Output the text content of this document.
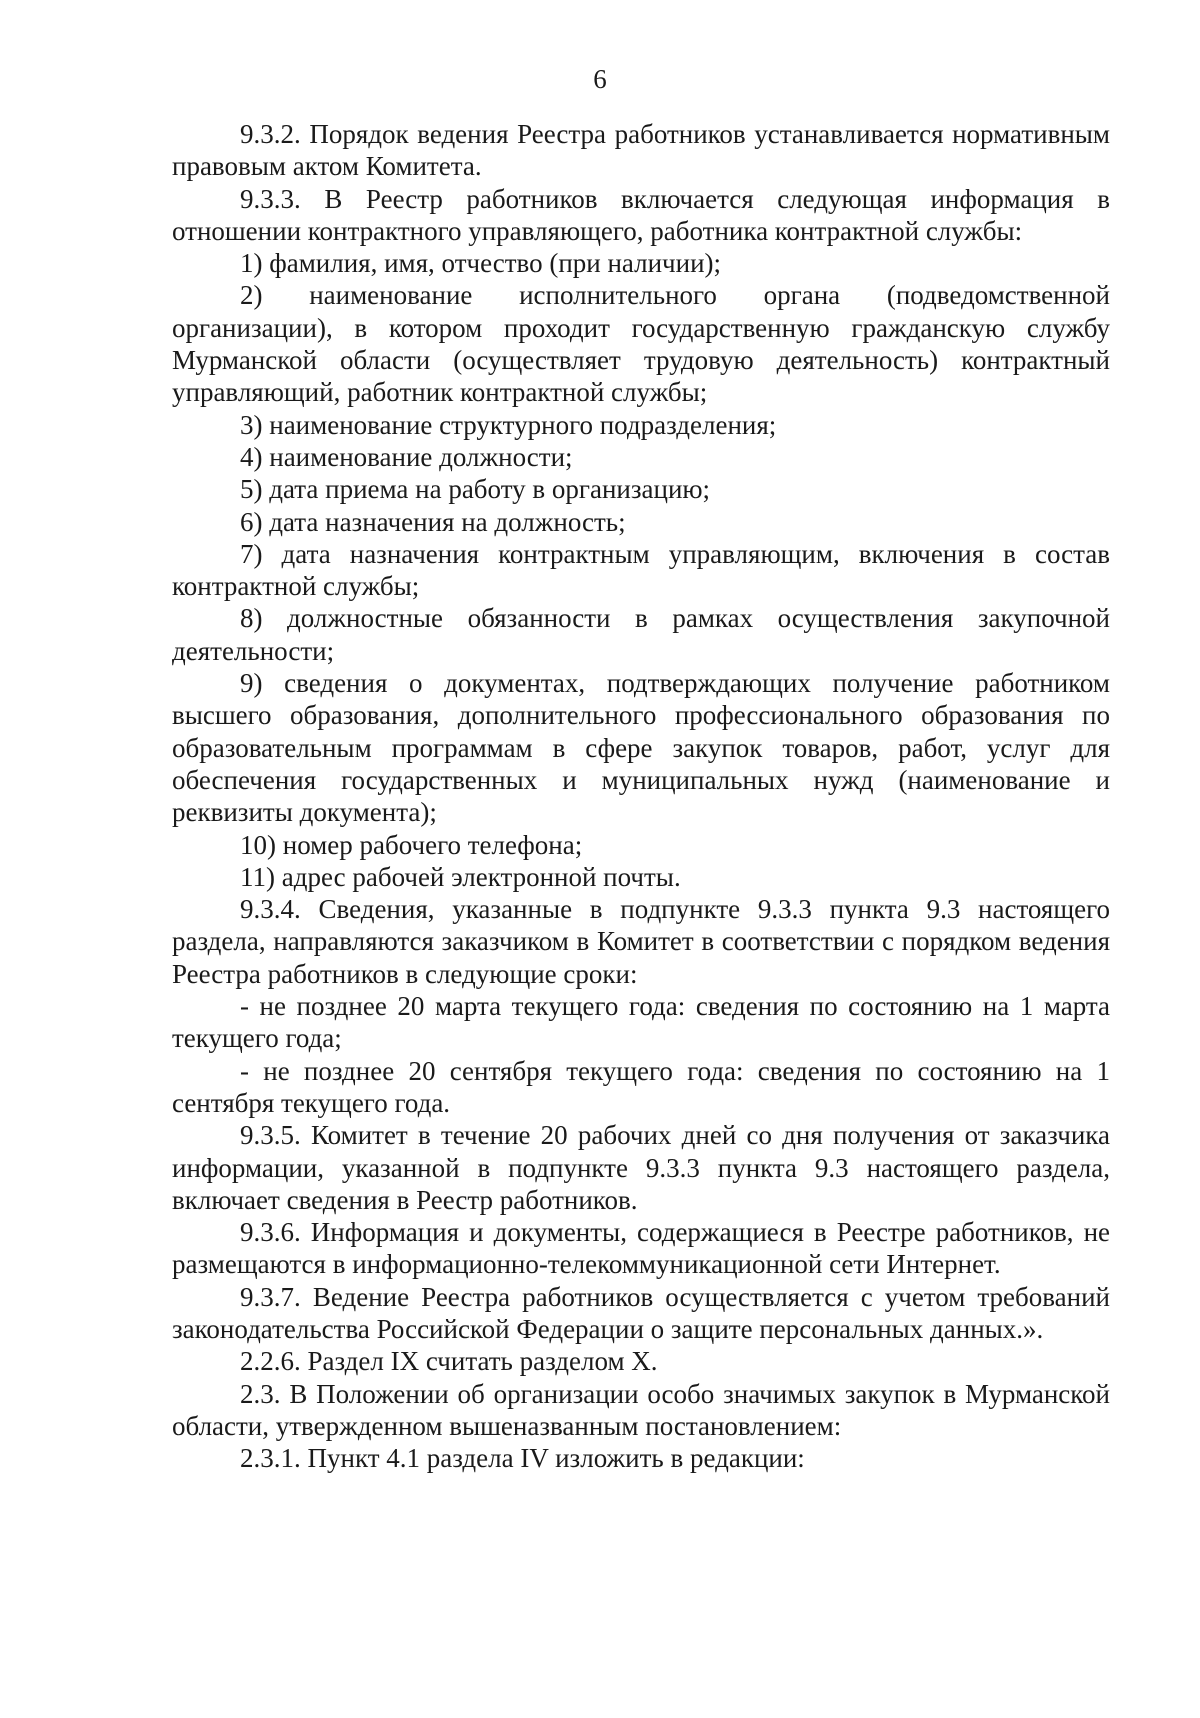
6

9.3.2. Порядок ведения Реестра работников устанавливается нормативным правовым актом Комитета.

9.3.3. В Реестр работников включается следующая информация в отношении контрактного управляющего, работника контрактной службы:

1) фамилия, имя, отчество (при наличии);

2) наименование исполнительного органа (подведомственной организации), в котором проходит государственную гражданскую службу Мурманской области (осуществляет трудовую деятельность) контрактный управляющий, работник контрактной службы;

3) наименование структурного подразделения;

4) наименование должности;

5) дата приема на работу в организацию;

6) дата назначения на должность;

7) дата назначения контрактным управляющим, включения в состав контрактной службы;

8) должностные обязанности в рамках осуществления закупочной деятельности;

9) сведения о документах, подтверждающих получение работником высшего образования, дополнительного профессионального образования по образовательным программам в сфере закупок товаров, работ, услуг для обеспечения государственных и муниципальных нужд (наименование и реквизиты документа);

10) номер рабочего телефона;

11) адрес рабочей электронной почты.

9.3.4. Сведения, указанные в подпункте 9.3.3 пункта 9.3 настоящего раздела, направляются заказчиком в Комитет в соответствии с порядком ведения Реестра работников в следующие сроки:

- не позднее 20 марта текущего года: сведения по состоянию на 1 марта текущего года;

- не позднее 20 сентября текущего года: сведения по состоянию на 1 сентября текущего года.

9.3.5. Комитет в течение 20 рабочих дней со дня получения от заказчика информации, указанной в подпункте 9.3.3 пункта 9.3 настоящего раздела, включает сведения в Реестр работников.

9.3.6. Информация и документы, содержащиеся в Реестре работников, не размещаются в информационно-телекоммуникационной сети Интернет.

9.3.7. Ведение Реестра работников осуществляется с учетом требований законодательства Российской Федерации о защите персональных данных.».

2.2.6. Раздел IX считать разделом X.

2.3. В Положении об организации особо значимых закупок в Мурманской области, утвержденном вышеназванным постановлением:

2.3.1. Пункт 4.1 раздела IV изложить в редакции:
